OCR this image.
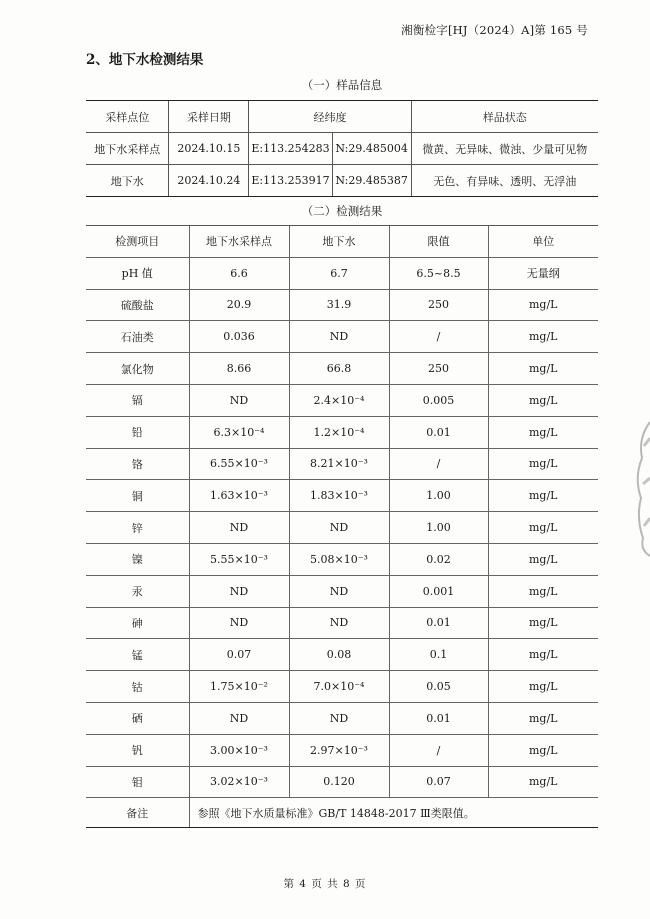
湘衡检字[HJ（2024）A]第 165 号
2、地下水检测结果
（一）样品信息
采样点位	采样日期	经纬度		样品状态
地下水采样点	2024.10.15	E:113.254283	N:29.485004	微黄、无异味、微浊、少量可见物
地下水	2024.10.24	E:113.253917	N:29.485387	无色、有异味、透明、无浮油
（二）检测结果
检测项目	地下水采样点	地下水	限值	单位
pH 值	6.6	6.7	6.5~8.5	无量纲
硫酸盐	20.9	31.9	250	mg/L
石油类	0.036	ND	/	mg/L
氯化物	8.66	66.8	250	mg/L
镉	ND	2.4×10⁻⁴	0.005	mg/L
铅	6.3×10⁻⁴	1.2×10⁻⁴	0.01	mg/L
铬	6.55×10⁻³	8.21×10⁻³	/	mg/L
铜	1.63×10⁻³	1.83×10⁻³	1.00	mg/L
锌	ND	ND	1.00	mg/L
镍	5.55×10⁻³	5.08×10⁻³	0.02	mg/L
汞	ND	ND	0.001	mg/L
砷	ND	ND	0.01	mg/L
锰	0.07	0.08	0.1	mg/L
钴	1.75×10⁻²	7.0×10⁻⁴	0.05	mg/L
硒	ND	ND	0.01	mg/L
钒	3.00×10⁻³	2.97×10⁻³	/	mg/L
钼	3.02×10⁻³	0.120	0.07	mg/L
备注	参照《地下水质量标准》GB/T 14848-2017 Ⅲ类限值。			
第 4 页 共 8 页
